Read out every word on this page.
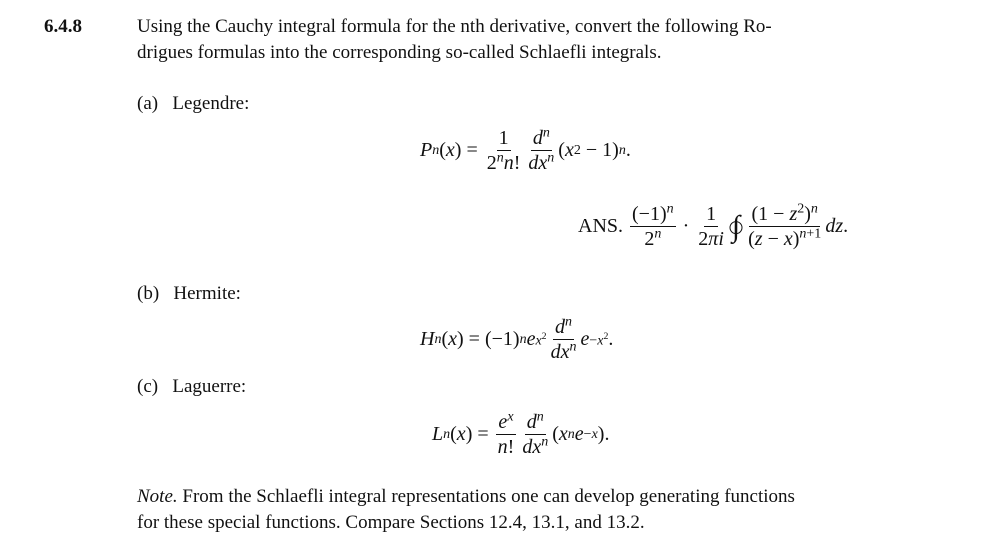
6.4.8	Using the Cauchy integral formula for the nth derivative, convert the following Ro-
drigues formulas into the corresponding so-called Schlaefli integrals.
(a) Legendre:
P n ( x ) = $\frac{1}{2^nn!} \frac{d^n}{dx^n}$ ( x 2 − 1) n .
ANS.
$\frac{(-1)^n}{2^n} \cdot \frac{1}{2\pi i}$ ∫ $\frac{(1 - z^2)^n}{(z - x)^{n+1}}$ dz .
(b) Hermite:
H n ( x ) = (−1) n e $x^2 \frac{d^n}{dx^n}$ $e -x^2$ .
(c) Laguerre:
L n ( x ) = $\frac{e^x}{n!} \frac{d^n}{dx^n}$ ( x n e −x ).
Note. From the Schlaefli integral representations one can develop generating functions
for these special functions. Compare Sections 12.4, 13.1, and 13.2.
